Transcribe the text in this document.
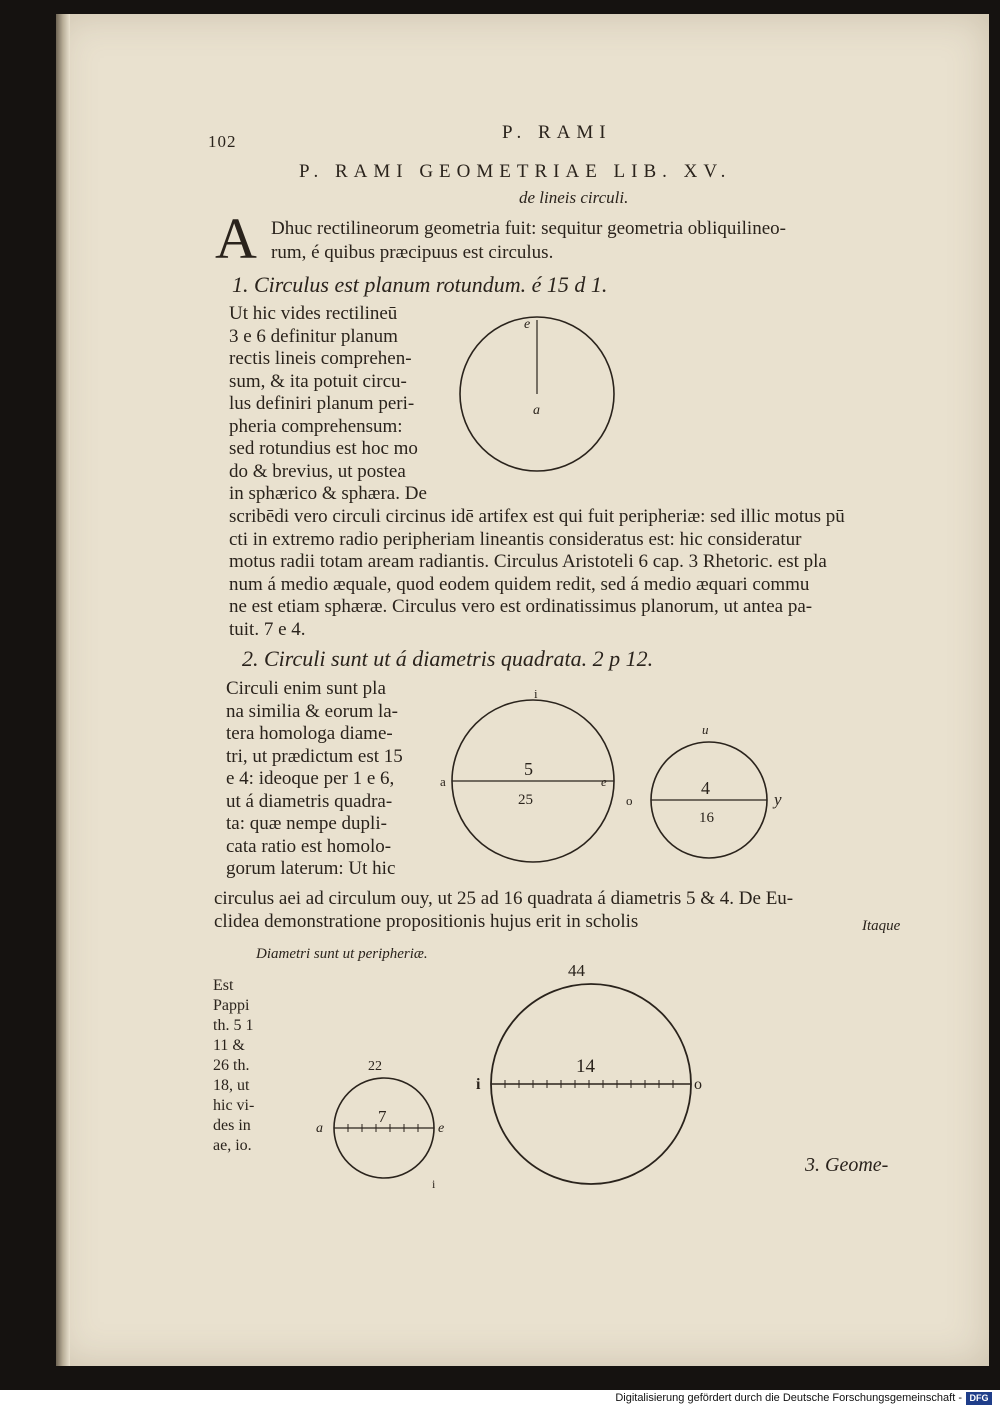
102	P. RAMI
P. RAMI GEOMETRIAE LIB. XV.
de lineis circuli.
A Dhuc rectilineorum geometria fuit: sequitur geometria obliquilineo-
rum, é quibus præcipuus est circulus.
1. Circulus est planum rotundum. é 15 d 1.
Ut hic vides rectilineū
3 e 6 definitur planum
rectis lineis comprehen-
sum, & ita potuit circu-
lus definiri planum peri-
pheria comprehensum:
sed rotundius est hoc mo
do & brevius, ut postea
in sphærico & sphæra. De
e
a
scribēdi vero circuli circinus idē artifex est qui fuit peripheriæ: sed illic motus pū
cti in extremo radio peripheriam lineantis consideratus est: hic consideratur
motus radii totam aream radiantis. Circulus Aristoteli 6 cap. 3 Rhetoric. est pla
num á medio æquale, quod eodem quidem redit, sed á medio æquari commu
ne est etiam sphæræ. Circulus vero est ordinatissimus planorum, ut antea pa-
tuit. 7 e 4.
2. Circuli sunt ut á diametris quadrata. 2 p 12.
Circuli enim sunt pla
na similia & eorum la-
tera homologa diame-
tri, ut prædictum est 15
e 4: ideoque per 1 e 6,
ut á diametris quadra-
ta: quæ nempe dupli-
cata ratio est homolo-
gorum laterum: Ut hic
i
a	e
5
25
u
o	y
4
16
circulus aei ad circulum ouy, ut 25 ad 16 quadrata á diametris 5 & 4. De Eu-
clidea demonstratione propositionis hujus erit in scholis	Itaque
Diametri sunt ut peripheriæ.
Est
Pappi
th. 5 1
11 &
26 th.
18, ut
hic vi-
des in
ae, io.
22
a	e
7
i
44
i	o
14
3. Geome-
Digitalisierung gefördert durch die Deutsche Forschungsgemeinschaft - DFG
